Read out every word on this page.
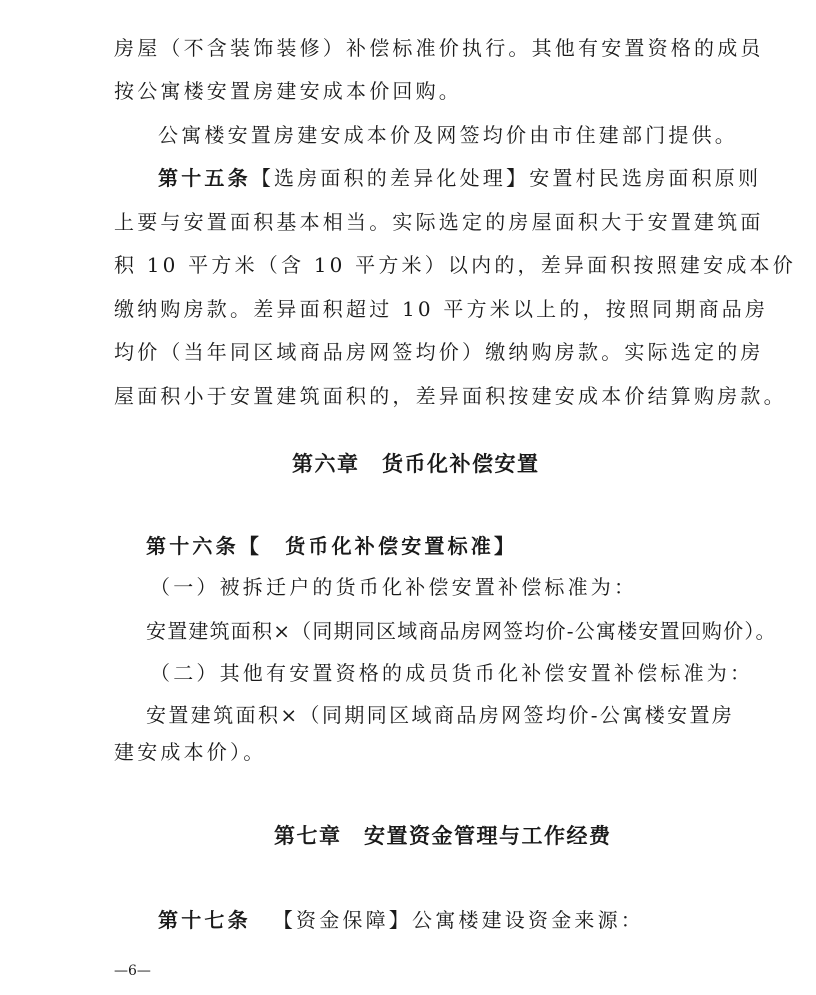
房屋（不含装饰装修）补偿标准价执行。其他有安置资格的成员
按公寓楼安置房建安成本价回购。
公寓楼安置房建安成本价及网签均价由市住建部门提供。
第十五条【选房面积的差异化处理】安置村民选房面积原则
上要与安置面积基本相当。实际选定的房屋面积大于安置建筑面
积 10 平方米（含 10 平方米）以内的，差异面积按照建安成本价
缴纳购房款。差异面积超过 10 平方米以上的，按照同期商品房
均价（当年同区域商品房网签均价）缴纳购房款。实际选定的房
屋面积小于安置建筑面积的，差异面积按建安成本价结算购房款。
第六章　货币化补偿安置
第十六条【　货币化补偿安置标准】
（一）被拆迁户的货币化补偿安置补偿标准为：
安置建筑面积×（同期同区域商品房网签均价-公寓楼安置回购价）。
（二）其他有安置资格的成员货币化补偿安置补偿标准为：
安置建筑面积×（同期同区域商品房网签均价-公寓楼安置房
建安成本价）。
第七章　安置资金管理与工作经费
第十七条 【资金保障】公寓楼建设资金来源：
—6—
